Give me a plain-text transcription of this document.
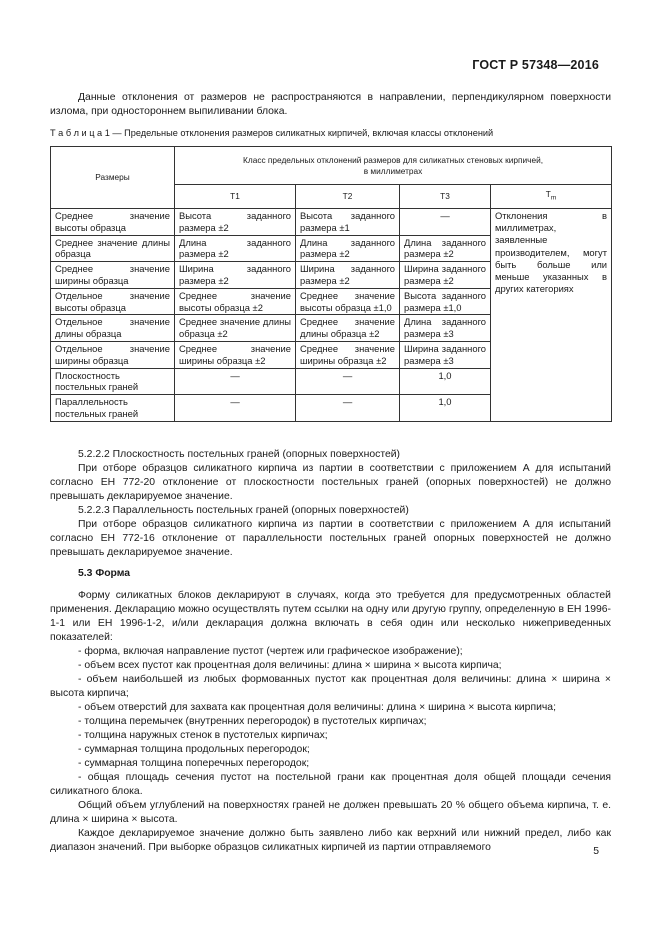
ГОСТ Р 57348—2016

Данные отклонения от размеров не распространяются в направлении, перпендикулярном поверхности излома, при одностороннем выпиливании блока.

Т а б л и ц а 1 — Предельные отклонения размеров силикатных кирпичей, включая классы отклонений
Размеры	Класс предельных отклонений размеров для силикатных стеновых кирпичей,
в миллиметрах			

	Т1	Т2	Т3	$Т_m$
Среднее значение высоты образца	Высота заданного размера ±2	Высота заданного размера ±1	—	Отклонения в миллиметрах, заявленные производителем, могут быть больше или меньше указанных в других категориях
Среднее значение длины образца	Длина заданного размера ±2	Длина заданного размера ±2	Длина заданного размера ±2	
Среднее значение ширины образца	Ширина заданного размера ±2	Ширина заданного размера ±2	Ширина заданного размера ±2	
Отдельное значение высоты образца	Среднее значение высоты образца ±2	Среднее значение высоты образца ±1,0	Высота заданного размера ±1,0	
Отдельное значение длины образца	Среднее значение длины образца ±2	Среднее значение длины образца ±2	Длина заданного размера ±3	
Отдельное значение ширины образца	Среднее значение ширины образца ±2	Среднее значение ширины образца ±2	Ширина заданного размера ±3	
Плоскостность постельных граней	—	—	1,0	
Параллельность постельных граней	—	—	1,0	

5.2.2.2 Плоскостность постельных граней (опорных поверхностей)

При отборе образцов силикатного кирпича из партии в соответствии с приложением А для испытаний согласно ЕН 772-20 отклонение от плоскостности постельных граней (опорных поверхностей) не должно превышать декларируемое значение.

5.2.2.3 Параллельность постельных граней (опорных поверхностей)

При отборе образцов силикатного кирпича из партии в соответствии с приложением А для испытаний согласно ЕН 772-16 отклонение от параллельности постельных граней опорных поверхностей не должно превышать декларируемое значение.

5.3 Форма

Форму силикатных блоков декларируют в случаях, когда это требуется для предусмотренных областей применения. Декларацию можно осуществлять путем ссылки на одну или другую группу, определенную в ЕН 1996-1-1 или ЕН 1996-1-2, и/или декларация должна включать в себя один или несколько нижеприведенных показателей:

- форма, включая направление пустот (чертеж или графическое изображение);
- объем всех пустот как процентная доля величины: длина × ширина × высота кирпича;

- объем наибольшей из любых формованных пустот как процентная доля величины: длина × ширина × высота кирпича;

- объем отверстий для захвата как процентная доля величины: длина × ширина × высота кирпича;
- толщина перемычек (внутренних перегородок) в пустотелых кирпичах;
- толщина наружных стенок в пустотелых кирпичах;
- суммарная толщина продольных перегородок;
- суммарная толщина поперечных перегородок;

- общая площадь сечения пустот на постельной грани как процентная доля общей площади сечения силикатного блока.

Общий объем углублений на поверхностях граней не должен превышать 20 % общего объема кирпича, т. е. длина × ширина × высота.

Каждое декларируемое значение должно быть заявлено либо как верхний или нижний предел, либо как диапазон значений. При выборке образцов силикатных кирпичей из партии отправляемого	5
